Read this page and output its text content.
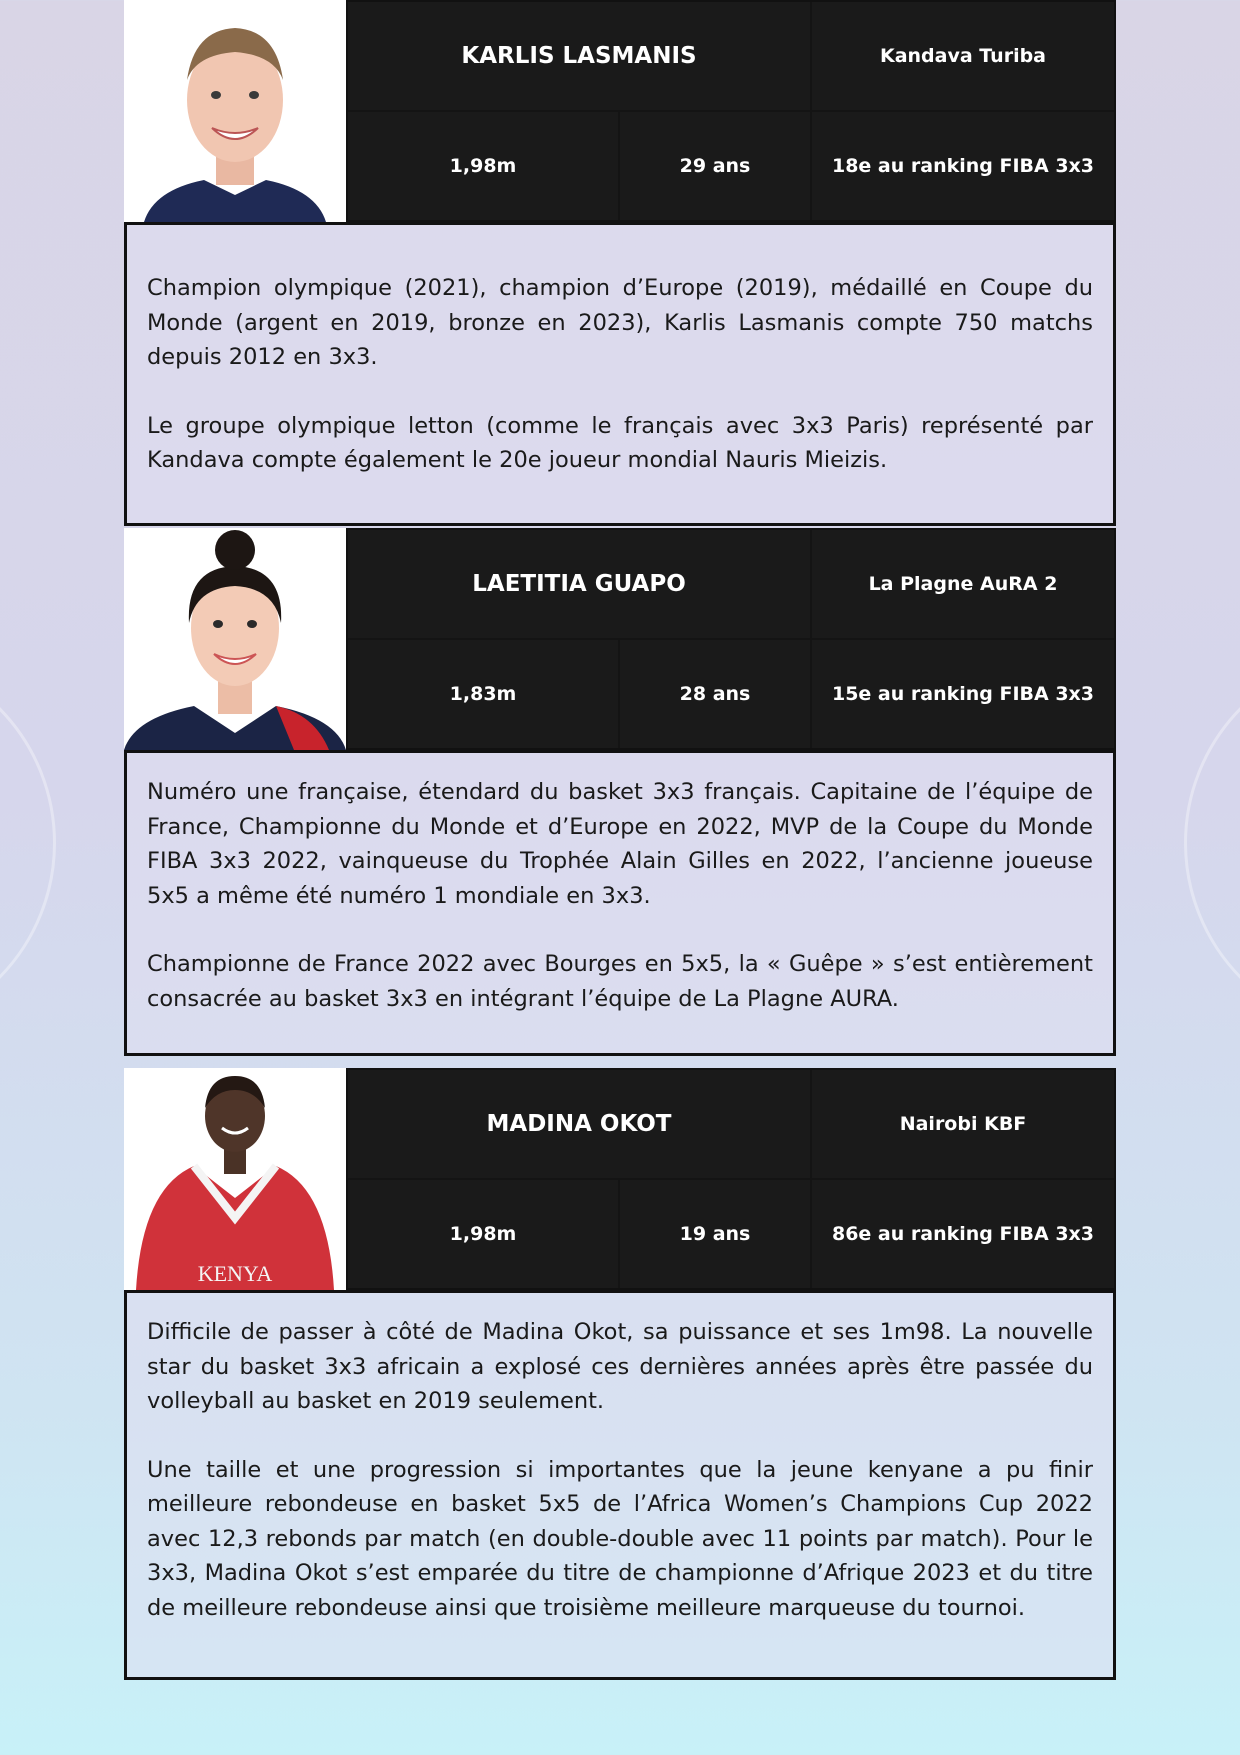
KARLIS LASMANIS	Kandava Turiba
1,98m	29 ans	18e au ranking FIBA 3x3

Champion olympique (2021), champion d’Europe (2019), médaillé en Coupe du Monde (argent en 2019, bronze en 2023), Karlis Lasmanis compte 750 matchs depuis 2012 en 3x3.

Le groupe olympique letton (comme le français avec 3x3 Paris) représenté par Kandava compte également le 20e joueur mondial Nauris Mieizis.

LAETITIA GUAPO	La Plagne AuRA 2
1,83m	28 ans	15e au ranking FIBA 3x3

Numéro une française, étendard du basket 3x3 français. Capitaine de l’équipe de France, Championne du Monde et d’Europe en 2022, MVP de la Coupe du Monde FIBA 3x3 2022, vainqueuse du Trophée Alain Gilles en 2022, l’ancienne joueuse 5x5 a même été numéro 1 mondiale en 3x3.

Championne de France 2022 avec Bourges en 5x5, la « Guêpe » s’est entièrement consacrée au basket 3x3 en intégrant l’équipe de La Plagne AURA.

KENYA
MADINA OKOT	Nairobi KBF
1,98m	19 ans	86e au ranking FIBA 3x3

Difficile de passer à côté de Madina Okot, sa puissance et ses 1m98. La nouvelle star du basket 3x3 africain a explosé ces dernières années après être passée du volleyball au basket en 2019 seulement.

Une taille et une progression si importantes que la jeune kenyane a pu finir meilleure rebondeuse en basket 5x5 de l’Africa Women’s Champions Cup 2022 avec 12,3 rebonds par match (en double-double avec 11 points par match). Pour le 3x3, Madina Okot s’est emparée du titre de championne d’Afrique 2023 et du titre de meilleure rebondeuse ainsi que troisième meilleure marqueuse du tournoi.
